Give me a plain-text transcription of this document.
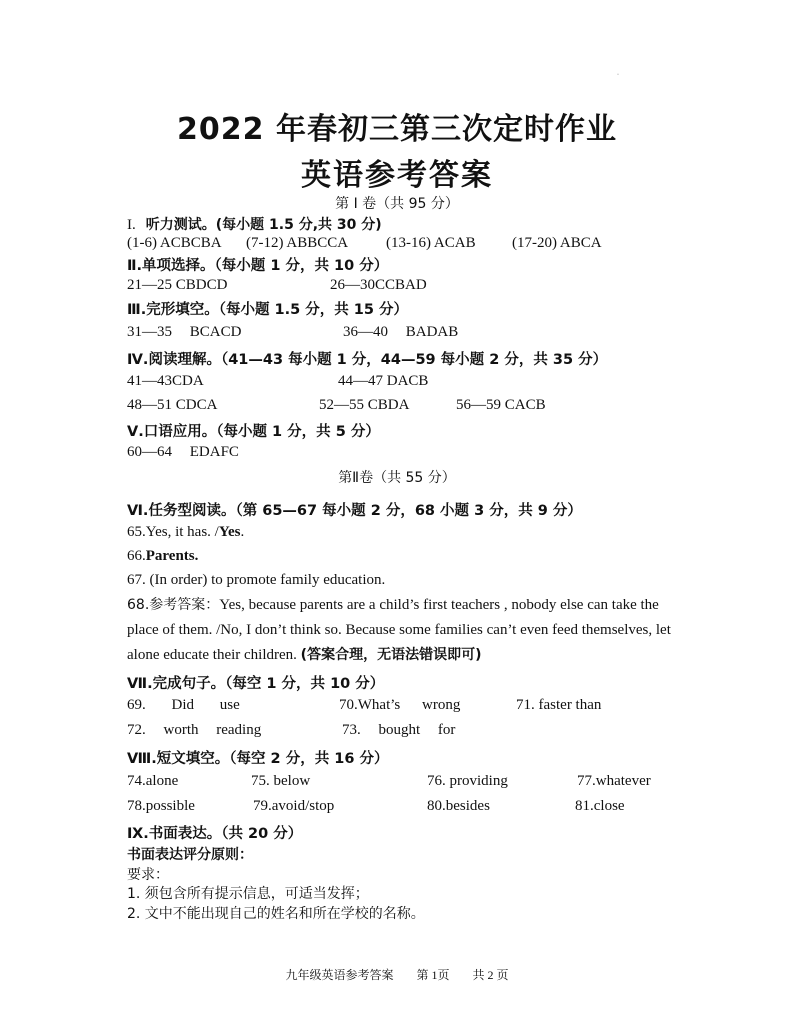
·
2022 年春初三第三次定时作业
英语参考答案
第 I 卷（共 95 分）
I. 听力测试。(每小题 1.5 分,共 30 分)
(1-6) ACBCBA (7-12) ABBCCA	(13-16) ACAB (17-20) ABCA
Ⅱ.单项选择。（每小题 1 分，共 10 分）
21—25 CBDCD	26—30CCBAD
Ⅲ.完形填空。（每小题 1.5 分，共 15 分）
31—35 BCACD	36—40 BADAB
Ⅳ.阅读理解。（41—43 每小题 1 分，44—59 每小题 2 分，共 35 分）
41—43CDA	44—47 DACB
48—51 CDCA	52—55 CBDA	56—59 CACB
Ⅴ.口语应用。（每小题 1 分，共 5 分）
60—64 EDAFC
第Ⅱ卷（共 55 分）
Ⅵ.任务型阅读。（第 65—67 每小题 2 分，68 小题 3 分，共 9 分）
65.Yes, it has. /Yes.
66.Parents.
67. (In order) to promote family education.
68.参考答案：Yes, because parents are a child’s first teachers , nobody else can take the place of them. /No, I don’t think so. Because some families can’t even feed themselves, let alone educate their children. (答案合理，无语法错误即可)
Ⅶ.完成句子。（每空 1 分，共 10 分）
69. Did use	70.What’s wrong	71. faster than
72. worth reading	73. bought for
Ⅷ.短文填空。（每空 2 分，共 16 分）
74.alone	75. below	76. providing	77.whatever
78.possible	79.avoid/stop	80.besides	81.close
Ⅸ.书面表达。（共 20 分）
书面表达评分原则：
要求：
1. 须包含所有提示信息，可适当发挥；
2. 文中不能出现自己的姓名和所在学校的名称。
九年级英语参考答案 第 1页 共 2 页
